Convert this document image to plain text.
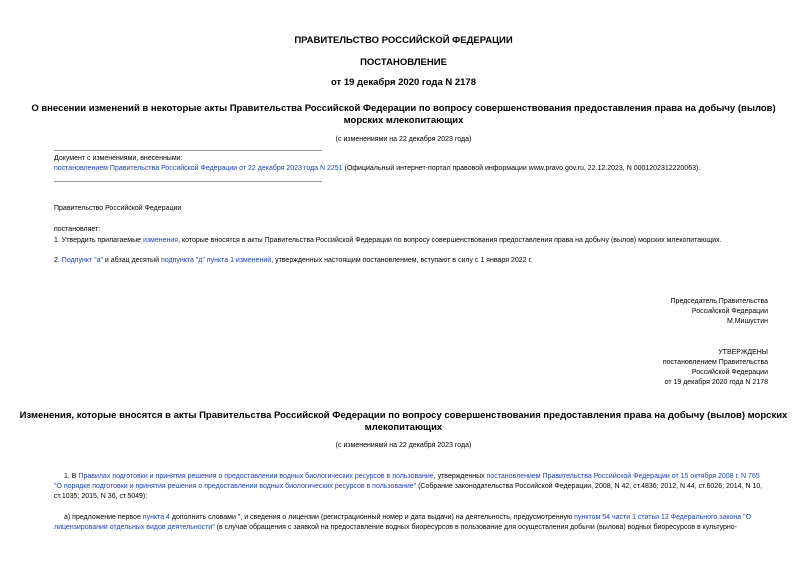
ПРАВИТЕЛЬСТВО РОССИЙСКОЙ ФЕДЕРАЦИИ
ПОСТАНОВЛЕНИЕ
от 19 декабря 2020 года N 2178
О внесении изменений в некоторые акты Правительства Российской Федерации по вопросу совершенствования предоставления права на добычу (вылов)
морских млекопитающих
(с изменениями на 22 декабря 2023 года)
Документ с изменениями, внесенными:
постановлением Правительства Российской Федерации от 22 декабря 2023 года N 2251 (Официальный интернет-портал правовой информации www.pravo.gov.ru, 22.12.2023, N 0001202312220063).
Правительство Российской Федерации
постановляет:
1. Утвердить прилагаемые изменения, которые вносятся в акты Правительства Российской Федерации по вопросу совершенствования предоставления права на добычу (вылов) морских млекопитающих.
2. Подпункт "а" и абзац десятый подпункта "д" пункта 1 изменений, утвержденных настоящим постановлением, вступают в силу с 1 января 2022 г.
Председатель Правительства
Российской Федерации
М.Мишустин
УТВЕРЖДЕНЫ
постановлением Правительства
Российской Федерации
от 19 декабря 2020 года N 2178
Изменения, которые вносятся в акты Правительства Российской Федерации по вопросу совершенствования предоставления права на добычу (вылов) морских
млекопитающих
(с изменениями на 22 декабря 2023 года)
1. В Правилах подготовки и принятия решения о предоставлении водных биологических ресурсов в пользование, утвержденных постановлением Правительства Российской Федерации от 15 октября 2008 г. N 765
"О порядке подготовки и принятия решения о предоставлении водных биологических ресурсов в пользование" (Собрание законодательства Российской Федерации, 2008, N 42, ст.4836; 2012, N 44, ст.6026; 2014, N 10,
ст.1035; 2015, N 36, ст.5049):
а) предложение первое пункта 4 дополнить словами ", и сведения о лицензии (регистрационный номер и дата выдачи) на деятельность, предусмотренную пунктом 54 части 1 статьи 12 Федерального закона "О
лицензировании отдельных видов деятельности" (в случае обращения с заявкой на предоставление водных биоресурсов в пользование для осуществления добычи (вылова) водных биоресурсов в культурно-
